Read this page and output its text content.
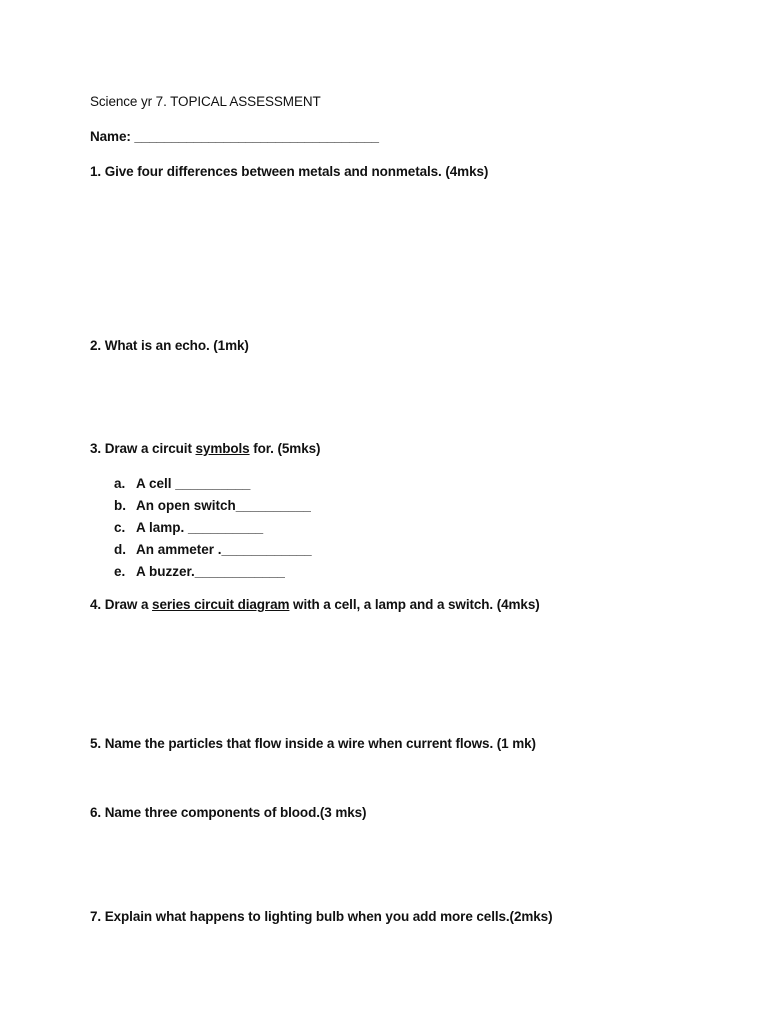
Science yr 7. TOPICAL ASSESSMENT
Name: _________________________________
1. Give four differences between metals and nonmetals. (4mks)
2. What is an echo. (1mk)
3. Draw a circuit symbols for. (5mks)
a. A cell __________
b. An open switch__________
c. A lamp. __________
d. An ammeter .____________
e. A buzzer.____________
4. Draw a series circuit diagram with a cell, a lamp and a switch. (4mks)
5. Name the particles that flow inside a wire when current flows. (1 mk)
6. Name three components of blood.(3 mks)
7. Explain what happens to lighting bulb when you add more cells.(2mks)
